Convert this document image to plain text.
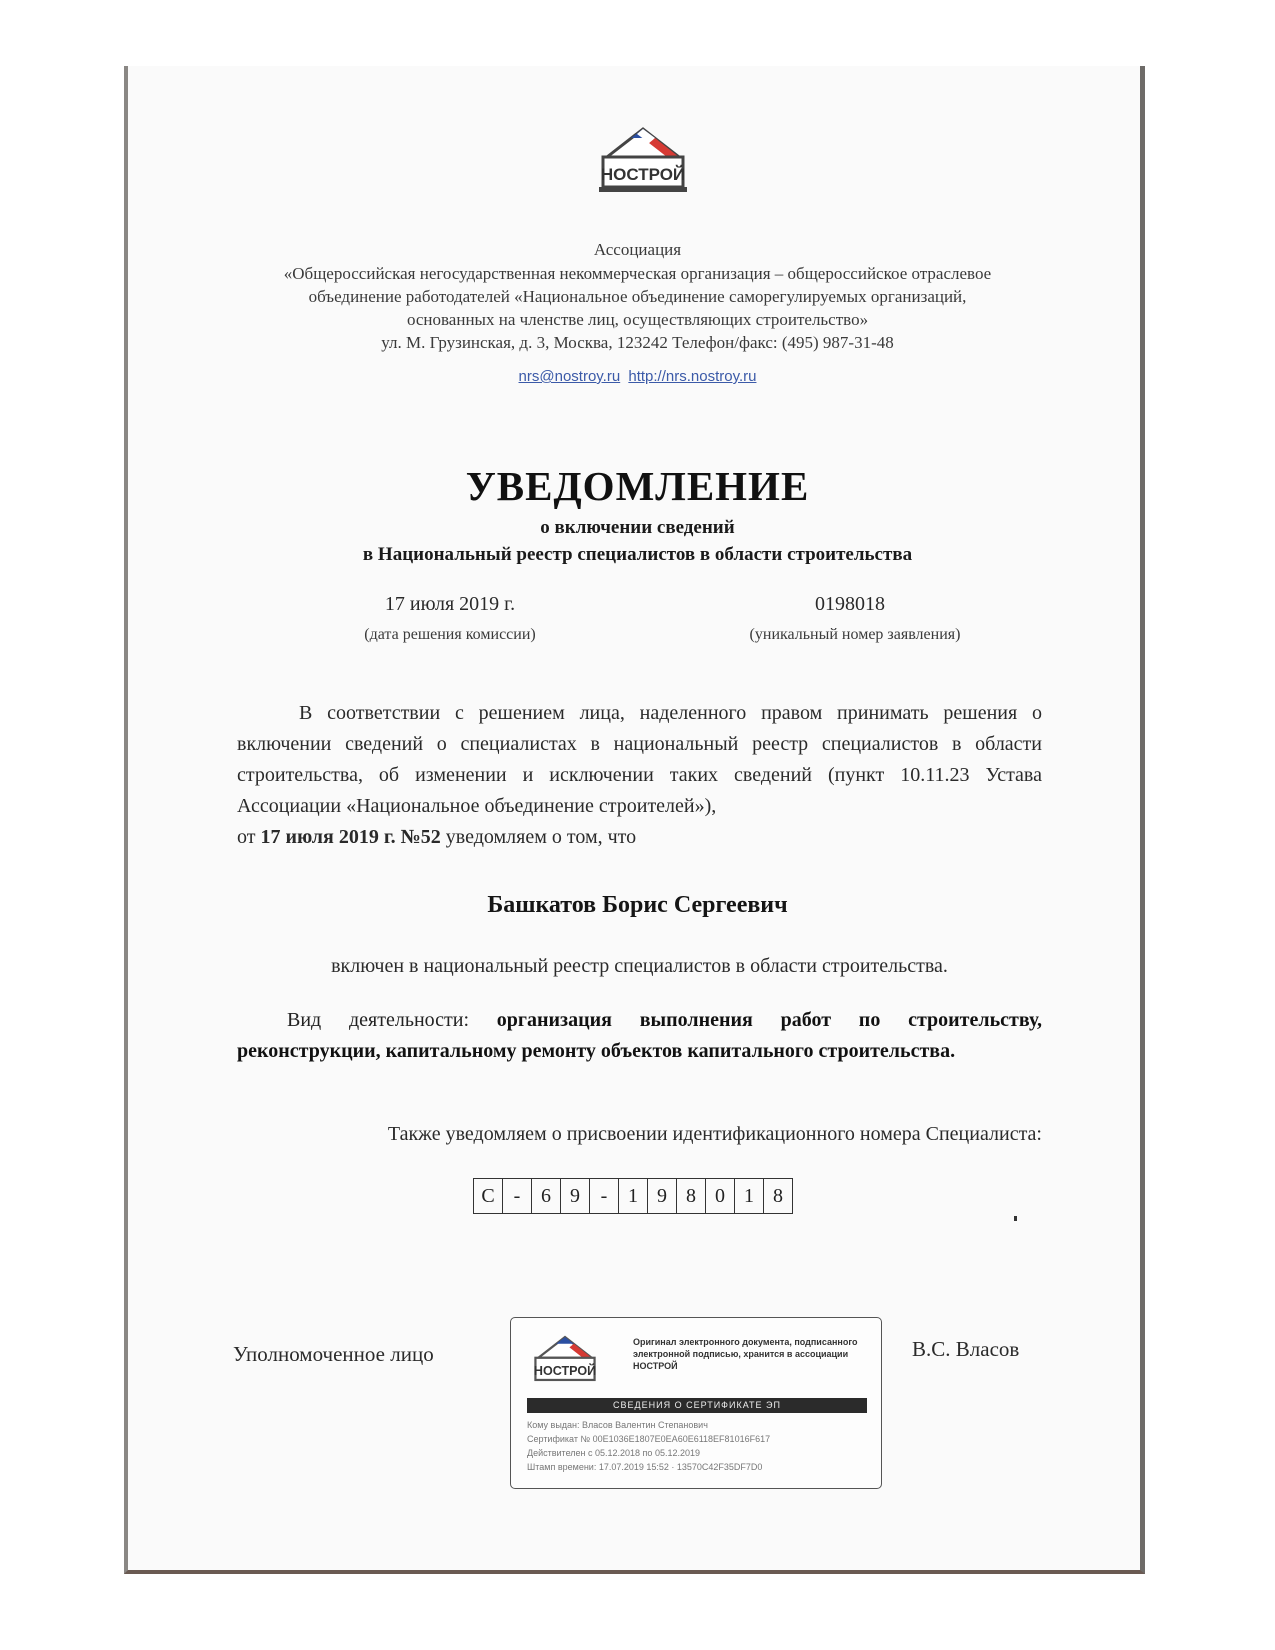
НОСТРОЙ
Ассоциация
«Общероссийская негосударственная некоммерческая организация – общероссийское отраслевое
объединение работодателей «Национальное объединение саморегулируемых организаций,
основанных на членстве лиц, осуществляющих строительство»
ул. М. Грузинская, д. 3, Москва, 123242 Телефон/факс: (495) 987-31-48
nrs@nostroy.ru http://nrs.nostroy.ru
УВЕДОМЛЕНИЕ
о включении сведений
в Национальный реестр специалистов в области строительства
17 июля 2019 г.
(дата решения комиссии)
0198018
(уникальный номер заявления)
В соответствии с решением лица, наделенного правом принимать решения о включении сведений о специалистах в национальный реестр специалистов в области строительства, об изменении и исключении таких сведений (пункт 10.11.23 Устава Ассоциации «Национальное объединение строителей»),
от 17 июля 2019 г. №52 уведомляем о том, что
Башкатов Борис Сергеевич
включен в национальный реестр специалистов в области строительства.
Вид деятельности: организация выполнения работ по строительству, реконструкции, капитальному ремонту объектов капитального строительства.
Также уведомляем о присвоении идентификационного номера Специалиста:
С -	6 9	-	1 9 8 0 1 8
Уполномоченное лицо	В.С. Власов
НОСТРОЙ
Оригинал электронного документа, подписанного электронной подписью, хранится в ассоциации НОСТРОЙ
СВЕДЕНИЯ О СЕРТИФИКАТЕ ЭП
Кому выдан: Власов Валентин Степанович
Сертификат № 00E1036E1807E0EA60E6118EF81016F617
Действителен с 05.12.2018 по 05.12.2019
Штамп времени: 17.07.2019 15:52 · 13570C42F35DF7D0
